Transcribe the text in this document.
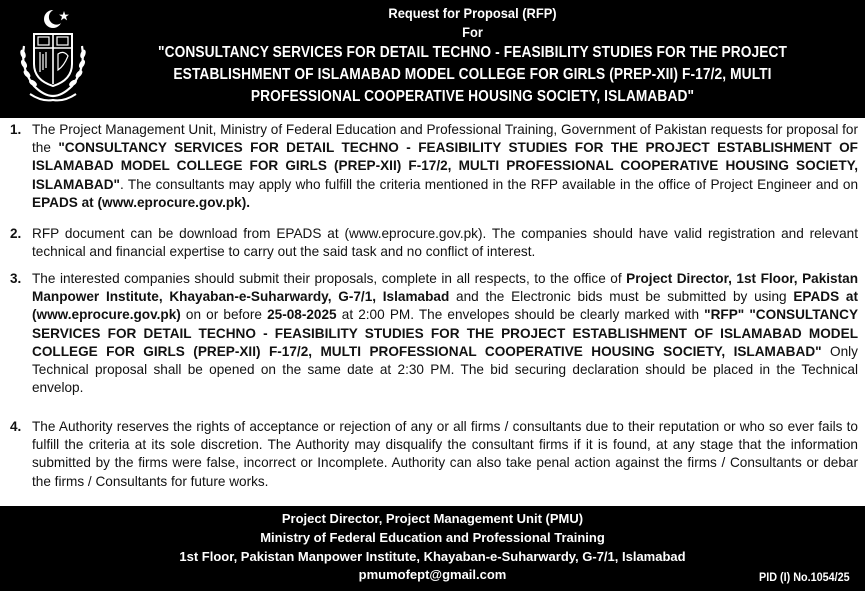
Request for Proposal (RFP)
For
"CONSULTANCY SERVICES FOR DETAIL TECHNO - FEASIBILITY STUDIES FOR THE PROJECT
ESTABLISHMENT OF ISLAMABAD MODEL COLLEGE FOR GIRLS (PREP-XII) F-17/2, MULTI
PROFESSIONAL COOPERATIVE HOUSING SOCIETY, ISLAMABAD"
1. The Project Management Unit, Ministry of Federal Education and Professional Training, Government of Pakistan requests for proposal for the "CONSULTANCY SERVICES FOR DETAIL TECHNO - FEASIBILITY STUDIES FOR THE PROJECT ESTABLISHMENT OF ISLAMABAD MODEL COLLEGE FOR GIRLS (PREP-XII) F-17/2, MULTI PROFESSIONAL COOPERATIVE HOUSING SOCIETY, ISLAMABAD". The consultants may apply who fulfill the criteria mentioned in the RFP available in the office of Project Engineer and on EPADS at (www.eprocure.gov.pk).
2. RFP document can be download from EPADS at (www.eprocure.gov.pk). The companies should have valid registration and relevant technical and financial expertise to carry out the said task and no conflict of interest.
3. The interested companies should submit their proposals, complete in all respects, to the office of Project Director, 1st Floor, Pakistan Manpower Institute, Khayaban-e-Suharwardy, G-7/1, Islamabad and the Electronic bids must be submitted by using EPADS at (www.eprocure.gov.pk) on or before 25-08-2025 at 2:00 PM. The envelopes should be clearly marked with "RFP" "CONSULTANCY SERVICES FOR DETAIL TECHNO - FEASIBILITY STUDIES FOR THE PROJECT ESTABLISHMENT OF ISLAMABAD MODEL COLLEGE FOR GIRLS (PREP-XII) F-17/2, MULTI PROFESSIONAL COOPERATIVE HOUSING SOCIETY, ISLAMABAD" Only Technical proposal shall be opened on the same date at 2:30 PM. The bid securing declaration should be placed in the Technical envelop.
4. The Authority reserves the rights of acceptance or rejection of any or all firms / consultants due to their reputation or who so ever fails to fulfill the criteria at its sole discretion. The Authority may disqualify the consultant firms if it is found, at any stage that the information submitted by the firms were false, incorrect or Incomplete. Authority can also take penal action against the firms / Consultants or debar the firms / Consultants for future works.
Project Director, Project Management Unit (PMU)
Ministry of Federal Education and Professional Training
1st Floor, Pakistan Manpower Institute, Khayaban-e-Suharwardy, G-7/1, Islamabad
pmumofept@gmail.com	PID (I) No.1054/25
